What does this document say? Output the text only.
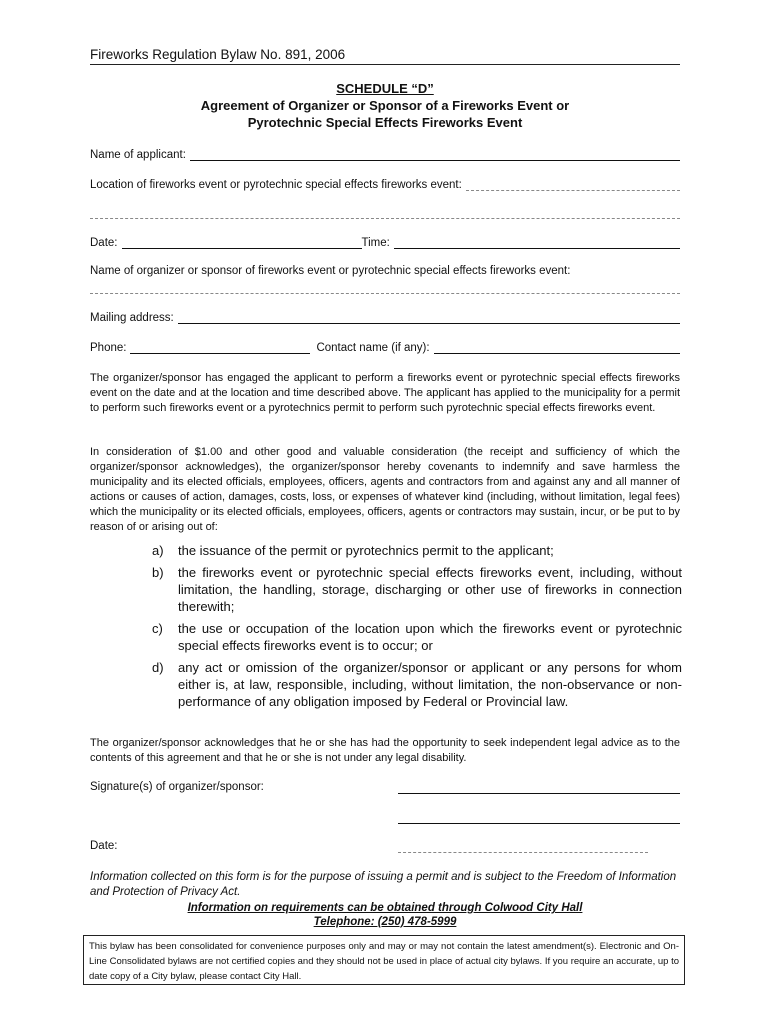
Fireworks Regulation Bylaw No. 891, 2006
SCHEDULE “D”
Agreement of Organizer or Sponsor of a Fireworks Event or
Pyrotechnic Special Effects Fireworks Event
Name of applicant:
Location of fireworks event or pyrotechnic special effects fireworks event:
Date:	Time:
Name of organizer or sponsor of fireworks event or pyrotechnic special effects fireworks event:
Mailing address:
Phone:	Contact name (if any):
The organizer/sponsor has engaged the applicant to perform a fireworks event or pyrotechnic special effects fireworks event on the date and at the location and time described above. The applicant has applied to the municipality for a permit to perform such fireworks event or a pyrotechnics permit to perform such pyrotechnic special effects fireworks event.
In consideration of $1.00 and other good and valuable consideration (the receipt and sufficiency of which the organizer/sponsor acknowledges), the organizer/sponsor hereby covenants to indemnify and save harmless the municipality and its elected officials, employees, officers, agents and contractors from and against any and all manner of actions or causes of action, damages, costs, loss, or expenses of whatever kind (including, without limitation, legal fees) which the municipality or its elected officials, employees, officers, agents or contractors may sustain, incur, or be put to by reason of or arising out of:
a)	the issuance of the permit or pyrotechnics permit to the applicant;
b)	the fireworks event or pyrotechnic special effects fireworks event, including, without limitation, the handling, storage, discharging or other use of fireworks in connection therewith;
c)	the use or occupation of the location upon which the fireworks event or pyrotechnic special effects fireworks event is to occur; or
d)	any act or omission of the organizer/sponsor or applicant or any persons for whom either is, at law, responsible, including, without limitation, the non-observance or non-performance of any obligation imposed by Federal or Provincial law.
The organizer/sponsor acknowledges that he or she has had the opportunity to seek independent legal advice as to the contents of this agreement and that he or she is not under any legal disability.
Signature(s) of organizer/sponsor:
Date:
Information collected on this form is for the purpose of issuing a permit and is subject to the Freedom of Information and Protection of Privacy Act.
Information on requirements can be obtained through Colwood City Hall
Telephone: (250) 478-5999
This bylaw has been consolidated for convenience purposes only and may or may not contain the latest amendment(s). Electronic and On-Line Consolidated bylaws are not certified copies and they should not be used in place of actual city bylaws. If you require an accurate, up to date copy of a City bylaw, please contact City Hall.
